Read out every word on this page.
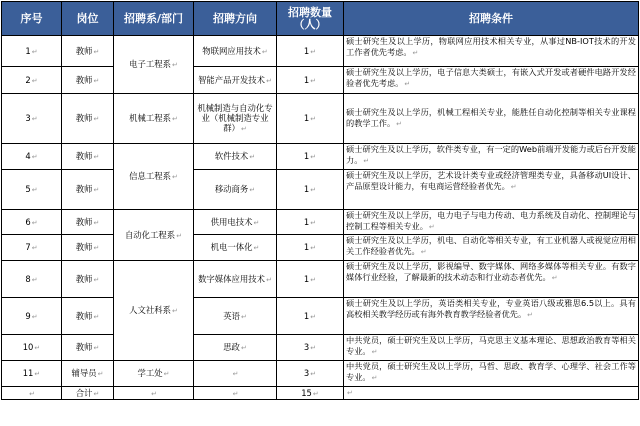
序号	岗位	招聘系/部门	招聘方向	招聘数量（人）	招聘条件
1↵	教师↵	电子工程系↵	物联网应用技术↵	1↵	硕士研究生及以上学历，物联网应用技术相关专业，从事过NB-IOT技术的开发工作者优先考虑。↵
2↵	教师↵		智能产品开发技术↵	1↵	硕士研究生及以上学历，电子信息大类硕士，有嵌入式开发或者硬件电路开发经验者优先考虑。↵
3↵	教师↵	机械工程系↵	机械制造与自动化专业（机械制造专业群）↵	1↵	硕士研究生及以上学历，机械工程相关专业，能胜任自动化控制等相关专业课程的教学工作。↵
4↵	教师↵	信息工程系↵	软件技术↵	1↵	硕士研究生及以上学历，软件类专业，有一定的Web前端开发能力或后台开发能力。↵
5↵	教师↵		移动商务↵	1↵	硕士研究生及以上学历，艺术设计类专业或经济管理类专业，具备移动UI设计、产品原型设计能力，有电商运营经验者优先。↵
6↵	教师↵	自动化工程系↵	供用电技术↵	1↵	硕士研究生及以上学历，电力电子与电力传动、电力系统及自动化、控制理论与控制工程等相关专业。↵
7↵	教师↵		机电一体化↵	1↵	硕士研究生及以上学历，机电、自动化等相关专业，有工业机器人或视觉应用相关工作经验者优先。↵
8↵	教师↵	人文社科系↵	数字媒体应用技术↵	1↵	硕士研究生及以上学历，影视编导、数字媒体、网络多媒体等相关专业。有数字媒体行业经验，了解最新的技术动态和行业动态者优先。↵
9↵	教师↵		英语↵	1↵	硕士研究生及以上学历，英语类相关专业，专业英语八级或雅思6.5以上。具有高校相关教学经历或有海外教育教学经验者优先。↵
10↵	教师↵		思政↵	3↵	中共党员，硕士研究生及以上学历，马克思主义基本理论、思想政治教育等相关专业。↵
11↵	辅导员↵	学工处↵	↵	3↵	中共党员，硕士研究生及以上学历，马哲、思政、教育学、心理学、社会工作等专业。↵
↵	合计↵	↵	↵	15↵	↵
